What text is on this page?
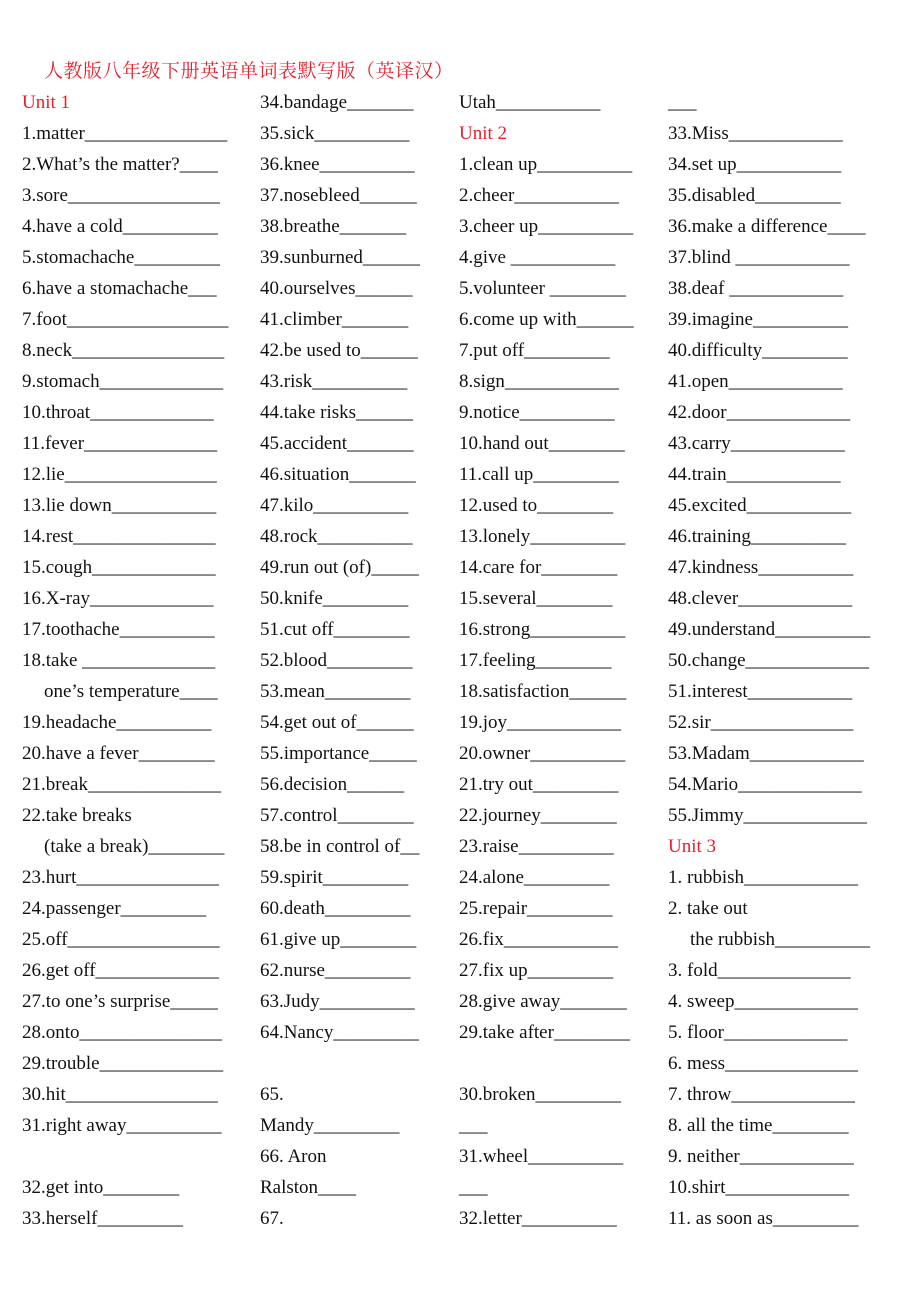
人教版八年级下册英语单词表默写版（英译汉）
Unit 1
1.matter_______________
2.What’s the matter?____
3.sore________________
4.have a cold__________
5.stomachache_________
6.have a stomachache___
7.foot_________________
8.neck________________
9.stomach_____________
10.throat_____________
11.fever______________
12.lie________________
13.lie down___________
14.rest_______________
15.cough_____________
16.X-ray_____________
17.toothache__________
18.take ______________
one’s temperature____
19.headache__________
20.have a fever________
21.break______________
22.take breaks
(take a break)________
23.hurt_______________
24.passenger_________
25.off________________
26.get off_____________
27.to one’s surprise_____
28.onto_______________
29.trouble_____________
30.hit________________
31.right away__________
32.get into________
33.herself_________
34.bandage_______
35.sick__________
36.knee__________
37.nosebleed______
38.breathe_______
39.sunburned______
40.ourselves______
41.climber_______
42.be used to______
43.risk__________
44.take risks______
45.accident_______
46.situation_______
47.kilo__________
48.rock__________
49.run out (of)_____
50.knife_________
51.cut off________
52.blood_________
53.mean_________
54.get out of______
55.importance_____
56.decision______
57.control________
58.be in control of__
59.spirit_________
60.death_________
61.give up________
62.nurse_________
63.Judy__________
64.Nancy_________
65.
Mandy_________
66. Aron
Ralston____
67.
Utah___________
Unit 2
1.clean up__________
2.cheer___________
3.cheer up__________
4.give ___________
5.volunteer ________
6.come up with______
7.put off_________
8.sign____________
9.notice__________
10.hand out________
11.call up_________
12.used to________
13.lonely__________
14.care for________
15.several________
16.strong__________
17.feeling________
18.satisfaction______
19.joy____________
20.owner__________
21.try out_________
22.journey________
23.raise__________
24.alone_________
25.repair_________
26.fix____________
27.fix up_________
28.give away_______
29.take after________
30.broken_________
___
31.wheel__________
___
32.letter__________
___
33.Miss____________
34.set up___________
35.disabled_________
36.make a difference____
37.blind ____________
38.deaf ____________
39.imagine__________
40.difficulty_________
41.open____________
42.door_____________
43.carry____________
44.train____________
45.excited___________
46.training__________
47.kindness__________
48.clever____________
49.understand__________
50.change_____________
51.interest___________
52.sir_______________
53.Madam____________
54.Mario_____________
55.Jimmy_____________
Unit 3
1. rubbish____________
2. take out
the rubbish__________
3. fold______________
4. sweep_____________
5. floor_____________
6. mess______________
7. throw_____________
8. all the time________
9. neither____________
10.shirt_____________
11. as soon as_________
